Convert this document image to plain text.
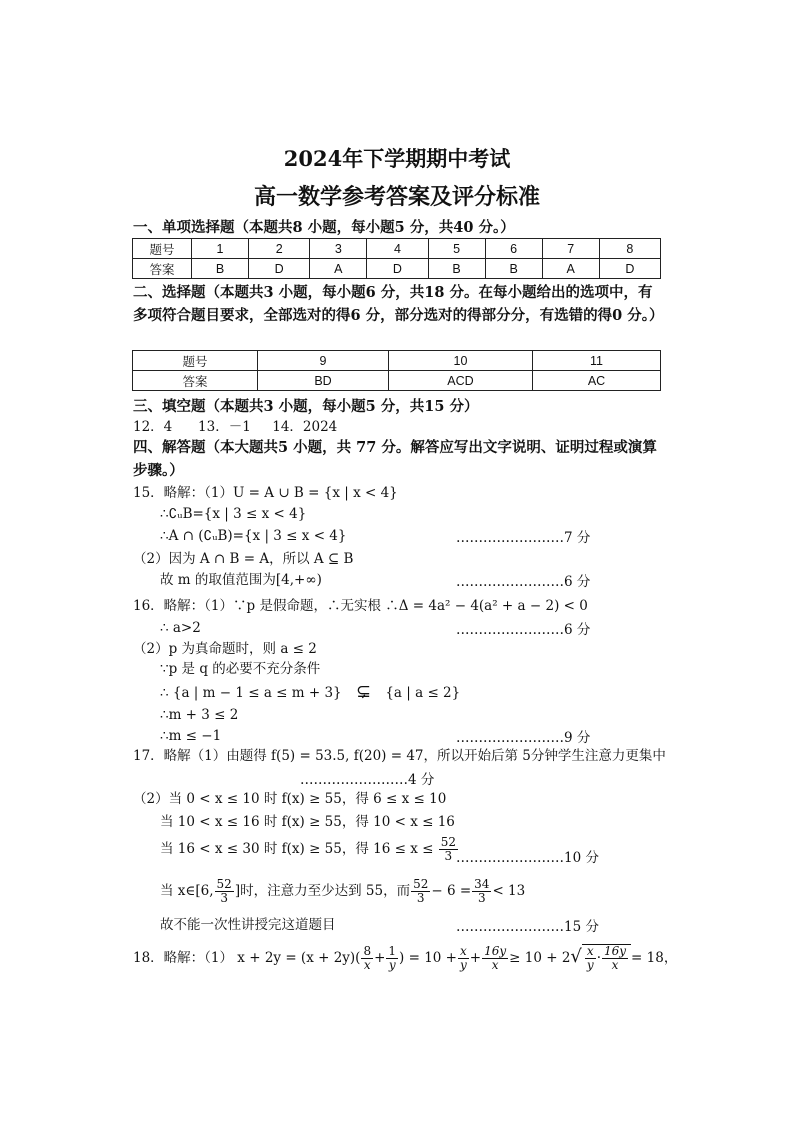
2024年下学期期中考试
高一数学参考答案及评分标准
一、单项选择题（本题共8 小题，每小题5 分，共40 分。）
题号	1	2	3	4	5	6	7	8
答案	B	D	A	D	B	B	A	D
二、选择题（本题共3 小题，每小题6 分，共18 分。在每小题给出的选项中，有多项符合题目要求，全部选对的得6 分，部分选对的得部分分，有选错的得0 分。）
题号	9	10	11
答案	BD	ACD	AC
三、填空题（本题共3 小题，每小题5 分，共15 分）
12．4      13．－1     14．2024
四、解答题（本大题共5 小题，共 77 分。解答应写出文字说明、证明过程或演算步骤。）
15．略解：（1）U = A ∪ B = {x | x < 4}
∴∁ᵤB={x | 3 ≤ x < 4}
∴A ∩ (∁ᵤB)={x | 3 ≤ x < 4}	……………………7 分
（2）因为 A ∩ B = A，所以 A ⊆ B
故 m 的取值范围为[4,+∞)	……………………6 分
16．略解：（1）∵p 是假命题，∴无实根 ∴Δ = 4a² − 4(a² + a − 2) < 0
∴ a>2	……………………6 分
（2）p 为真命题时，则 a ≤ 2
∵p 是 q 的必要不充分条件
∴ {a | m − 1 ≤ a ≤ m + 3} ⊊ {a | a ≤ 2}
∴m + 3 ≤ 2
∴m ≤ −1	……………………9 分
17．略解（1）由题得 f(5) = 53.5, f(20) = 47，所以开始后第 5分钟学生注意力更集中
……………………4 分
（2）当 0 < x ≤ 10 时 f(x) ≥ 55，得 6 ≤ x ≤ 10
当 10 < x ≤ 16 时 f(x) ≥ 55，得 10 < x ≤ 16
当 16 < x ≤ 30 时 f(x) ≥ 55，得 $16 \le x \le \frac{52}{3}$
……………………10 分
当 x∈[6, $\frac{52}{3}$ ]时，注意力至少达到 55，而 $\frac{52}{3} - 6 = \frac{34}{3} < 13$
故不能一次性讲授完这道题目	……………………15 分
18．略解：（1） $x + 2y = (x + 2y)( \frac{8}{x} + \frac{1}{y}$ ) = $10 + \frac{x}{y} + \frac{16y}{x} \ge 10 + 2√ \frac{x}{y} \cdot \frac{16y}{x} = 18$，
